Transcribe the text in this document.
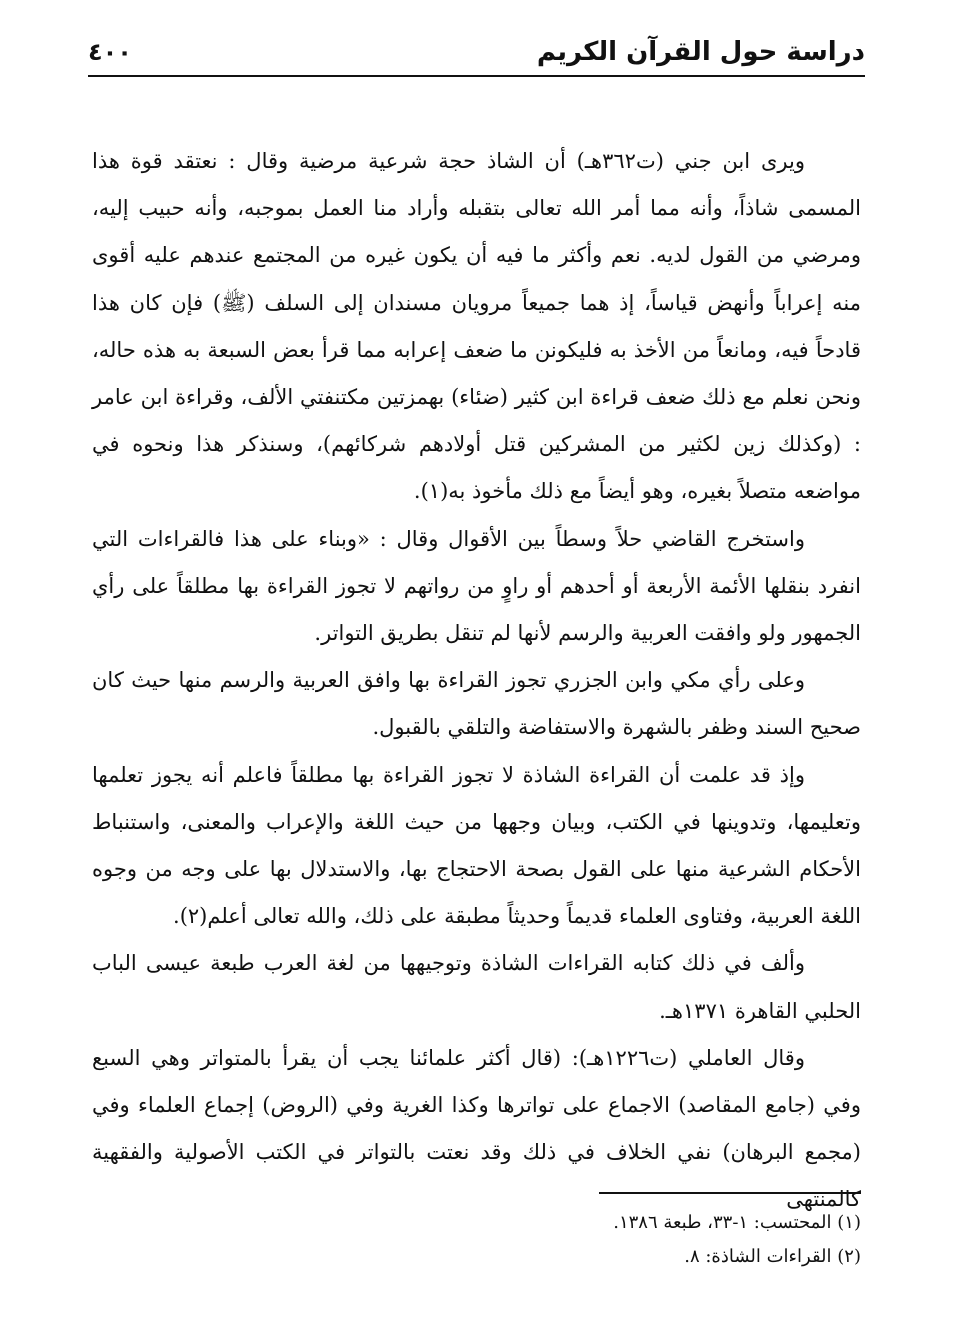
دراسة حول القرآن الكريم
٤٠٠

ويرى ابن جني (ت٣٦٢هـ) أن الشاذ حجة شرعية مرضية وقال : نعتقد قوة هذا المسمى شاذاً، وأنه مما أمر الله تعالى بتقبله وأراد منا العمل بموجبه، وأنه حبيب إليه، ومرضي من القول لديه. نعم وأكثر ما فيه أن يكون غيره من المجتمع عندهم عليه أقوى منه إعراباً وأنهض قياساً، إذ هما جميعاً مرويان مسندان إلى السلف (ﷺ) فإن كان هذا قادحاً فيه، ومانعاً من الأخذ به فليكونن ما ضعف إعرابه مما قرأ بعض السبعة به هذه حاله، ونحن نعلم مع ذلك ضعف قراءة ابن كثير (ضئاء) بهمزتين مكتنفتي الألف، وقراءة ابن عامر : (وكذلك زين لكثير من المشركين قتل أولادهم شركائهم)، وسنذكر هذا ونحوه في مواضعه متصلاً بغيره، وهو أيضاً مع ذلك مأخوذ به(١).

واستخرج القاضي حلاً وسطاً بين الأقوال وقال : «وبناء على هذا فالقراءات التي انفرد بنقلها الأئمة الأربعة أو أحدهم أو راوٍ من رواتهم لا تجوز القراءة بها مطلقاً على رأي الجمهور ولو وافقت العربية والرسم لأنها لم تنقل بطريق التواتر.

وعلى رأي مكي وابن الجزري تجوز القراءة بها وافق العربية والرسم منها حيث كان صحيح السند وظفر بالشهرة والاستفاضة والتلقي بالقبول.

وإذ قد علمت أن القراءة الشاذة لا تجوز القراءة بها مطلقاً فاعلم أنه يجوز تعلمها وتعليمها، وتدوينها في الكتب، وبيان وجهها من حيث اللغة والإعراب والمعنى، واستنباط الأحكام الشرعية منها على القول بصحة الاحتجاج بها، والاستدلال بها على وجه من وجوه اللغة العربية، وفتاوى العلماء قديماً وحديثاً مطبقة على ذلك، والله تعالى أعلم(٢).

وألف في ذلك كتابه القراءات الشاذة وتوجيهها من لغة العرب طبعة عيسى الباب الحلبي القاهرة ١٣٧١هـ.

وقال العاملي (ت١٢٢٦هـ): (قال أكثر علمائنا يجب أن يقرأ بالمتواتر وهي السبع وفي (جامع المقاصد) الاجماع على تواترها وكذا الغرية وفي (الروض) إجماع العلماء وفي (مجمع البرهان) نفي الخلاف في ذلك وقد نعتت بالتواتر في الكتب الأصولية والفقهية كالمنتهى

(١) المحتسب: ١-٣٣، طبعة ١٣٨٦.

(٢) القراءات الشاذة: ٨.
